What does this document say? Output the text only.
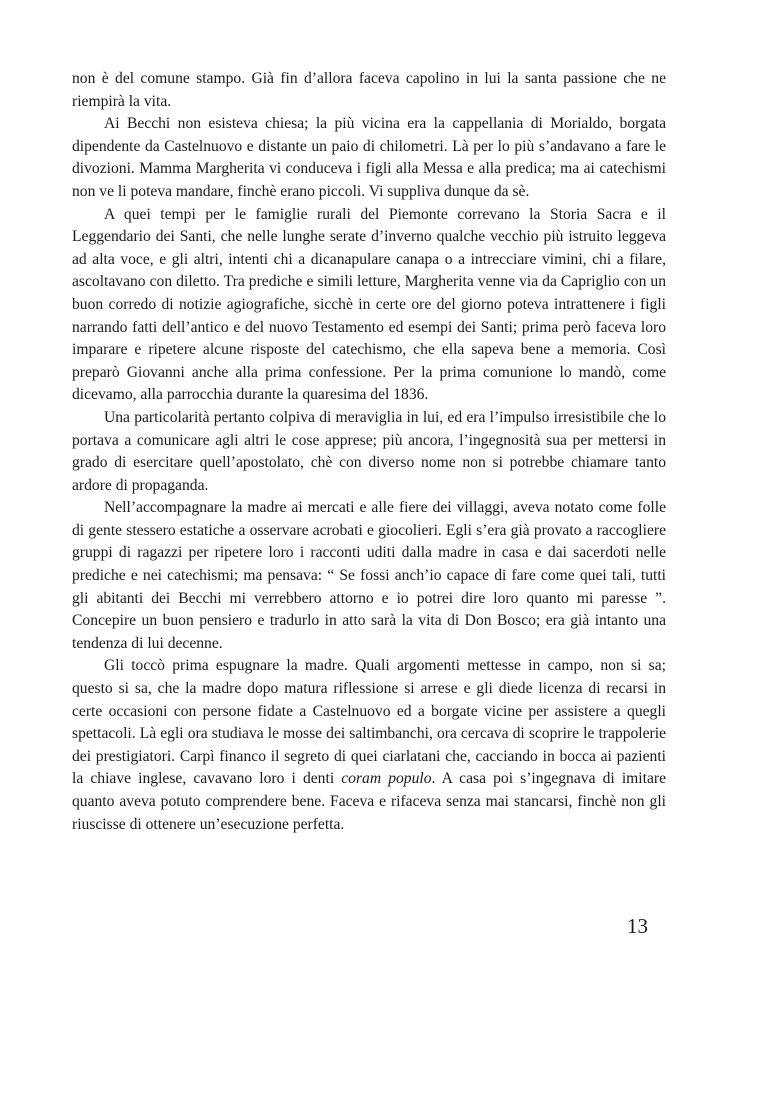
non è del comune stampo. Già fin d’allora faceva capolino in lui la santa passione che ne riempirà la vita.

Ai Becchi non esisteva chiesa; la più vicina era la cappellania di Morialdo, borgata dipendente da Castelnuovo e distante un paio di chilometri. Là per lo più s’andavano a fare le divozioni. Mamma Margherita vi conduceva i figli alla Messa e alla predica; ma ai catechismi non ve li poteva mandare, finchè erano piccoli. Vi suppliva dunque da sè.

A quei tempi per le famiglie rurali del Piemonte correvano la Storia Sacra e il Leggendario dei Santi, che nelle lunghe serate d’inverno qualche vecchio più istruito leggeva ad alta voce, e gli altri, intenti chi a dicanapulare canapa o a intrecciare vimini, chi a filare, ascoltavano con diletto. Tra prediche e simili letture, Margherita venne via da Capriglio con un buon corredo di notizie agiografiche, sicchè in certe ore del giorno poteva intrattenere i figli narrando fatti dell’antico e del nuovo Testamento ed esempi dei Santi; prima però faceva loro imparare e ripetere alcune risposte del catechismo, che ella sapeva bene a memoria. Così preparò Giovanni anche alla prima confessione. Per la prima comunione lo mandò, come dicevamo, alla parrocchia durante la quaresima del 1836.

Una particolarità pertanto colpiva di meraviglia in lui, ed era l’impulso irresistibile che lo portava a comunicare agli altri le cose apprese; più ancora, l’ingegnosità sua per mettersi in grado di esercitare quell’apostolato, chè con diverso nome non si potrebbe chiamare tanto ardore di propaganda.

Nell’accompagnare la madre ai mercati e alle fiere dei villaggi, aveva notato come folle di gente stessero estatiche a osservare acrobati e giocolieri. Egli s’era già provato a raccogliere gruppi di ragazzi per ripetere loro i racconti uditi dalla madre in casa e dai sacerdoti nelle prediche e nei catechismi; ma pensava: “ Se fossi anch’io capace di fare come quei tali, tutti gli abitanti dei Becchi mi verrebbero attorno e io potrei dire loro quanto mi paresse ”. Concepire un buon pensiero e tradurlo in atto sarà la vita di Don Bosco; era già intanto una tendenza di lui decenne.

Gli toccò prima espugnare la madre. Quali argomenti mettesse in campo, non si sa; questo si sa, che la madre dopo matura riflessione si arrese e gli diede licenza di recarsi in certe occasioni con persone fidate a Castelnuovo ed a borgate vicine per assistere a quegli spettacoli. Là egli ora studiava le mosse dei saltimbanchi, ora cercava di scoprire le trappolerie dei prestigiatori. Carpì financo il segreto di quei ciarlatani che, cacciando in bocca ai pazienti la chiave inglese, cavavano loro i denti coram populo. A casa poi s’ingegnava di imitare quanto aveva potuto comprendere bene. Faceva e rifaceva senza mai stancarsi, finchè non gli riuscisse di ottenere un’esecuzione perfetta.

13
